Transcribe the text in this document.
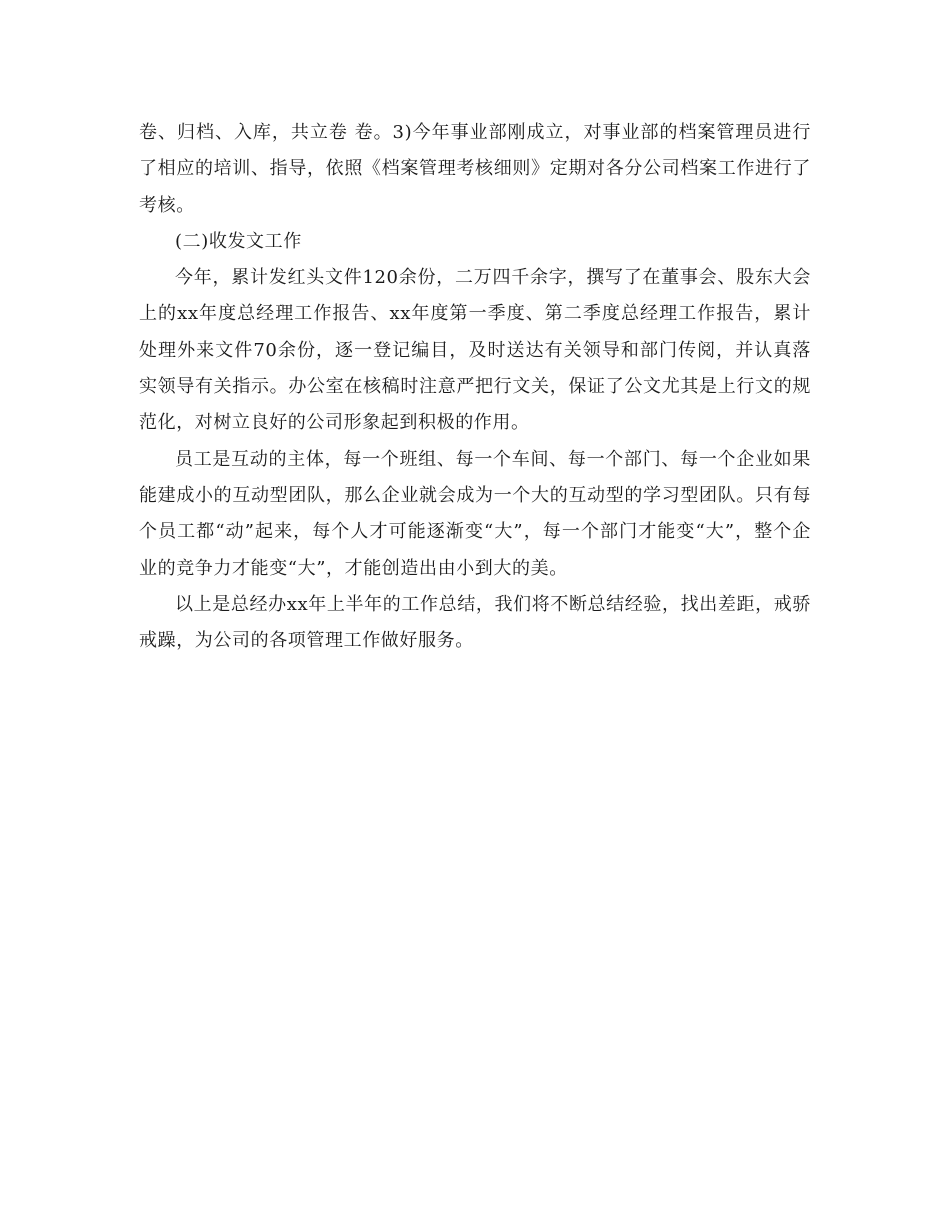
卷、归档、入库，共立卷 卷。3)今年事业部刚成立，对事业部的档案管理员进行了相应的培训、指导，依照《档案管理考核细则》定期对各分公司档案工作进行了考核。

(二)收发文工作

今年，累计发红头文件120余份，二万四千余字，撰写了在董事会、股东大会上的xx年度总经理工作报告、xx年度第一季度、第二季度总经理工作报告，累计处理外来文件70余份，逐一登记编目，及时送达有关领导和部门传阅，并认真落实领导有关指示。办公室在核稿时注意严把行文关，保证了公文尤其是上行文的规范化，对树立良好的公司形象起到积极的作用。

员工是互动的主体，每一个班组、每一个车间、每一个部门、每一个企业如果能建成小的互动型团队，那么企业就会成为一个大的互动型的学习型团队。只有每个员工都“动”起来，每个人才可能逐渐变“大”，每一个部门才能变“大”，整个企业的竞争力才能变“大”，才能创造出由小到大的美。

以上是总经办xx年上半年的工作总结，我们将不断总结经验，找出差距，戒骄戒躁，为公司的各项管理工作做好服务。
